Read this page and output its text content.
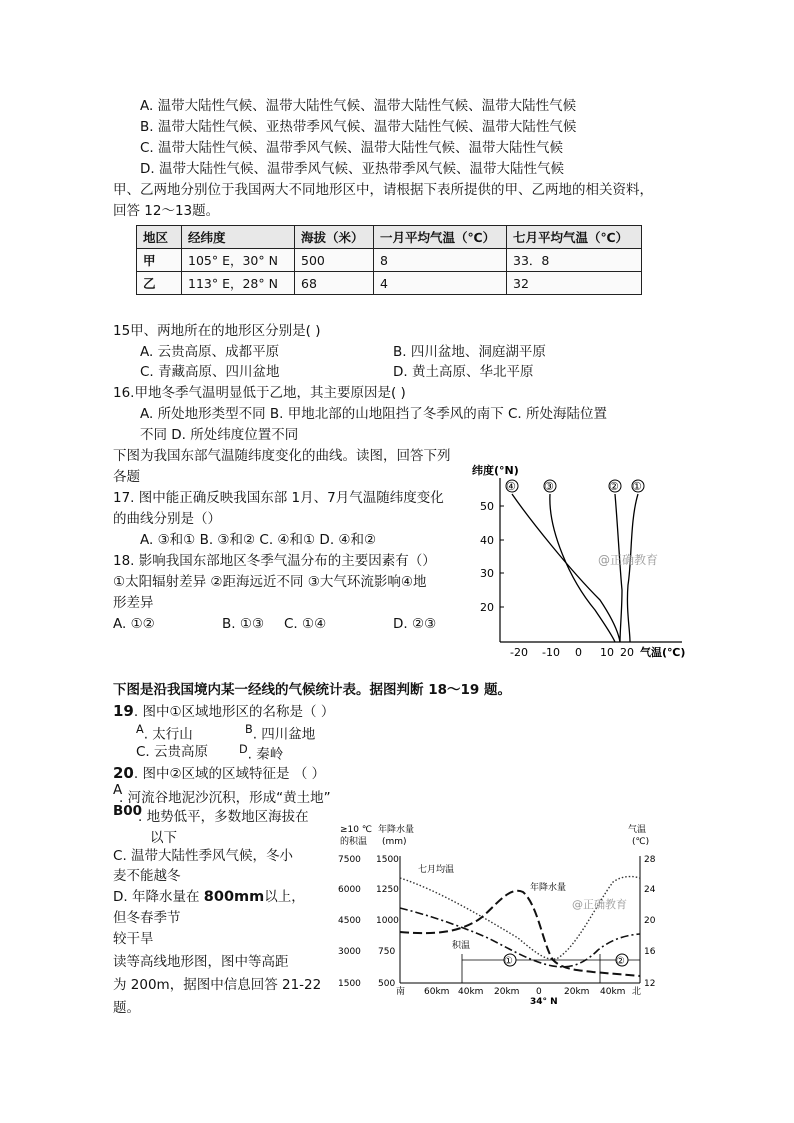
A. 温带大陆性气候、温带大陆性气候、温带大陆性气候、温带大陆性气候
B. 温带大陆性气候、亚热带季风气候、温带大陆性气候、温带大陆性气候
C. 温带大陆性气候、温带季风气候、温带大陆性气候、温带大陆性气候
D. 温带大陆性气候、温带季风气候、亚热带季风气候、温带大陆性气候
甲、乙两地分别位于我国两大不同地形区中，请根据下表所提供的甲、乙两地的相关资料，
回答 12～13题。
地区	经纬度	海拔（米）	一月平均气温（℃）	七月平均气温（℃）
甲	105° E，30° N	500	8	33．8
乙	113° E，28° N	68	4	32
15甲、两地所在的地形区分别是( )
A. 云贵高原、成都平原	B. 四川盆地、洞庭湖平原
C. 青藏高原、四川盆地	D. 黄土高原、华北平原
16.甲地冬季气温明显低于乙地，其主要原因是( )
A. 所处地形类型不同 B. 甲地北部的山地阻挡了冬季风的南下 C. 所处海陆位置
不同 D. 所处纬度位置不同
下图为我国东部气温随纬度变化的曲线。读图，回答下列
各题
17. 图中能正确反映我国东部 1月、7月气温随纬度变化
的曲线分别是（）
A. ③和① B. ③和② C. ④和① D. ④和②
18. 影响我国东部地区冬季气温分布的主要因素有（）
①太阳辐射差异 ②距海远近不同 ③大气环流影响④地
形差异
A. ①②	B. ①③ C. ①④	D. ②③
纬度(°N)
50
40
30
20
-20 -10 0 10 20 气温(℃)
④	③	② ①
@正确教育
下图是沿我国境内某一经线的气候统计表。据图判断 18～19 题。
19. 图中①区域地形区的名称是（ ）
$^A$. 太行山	$^B$. 四川盆地
C. 云贵高原	$^D$. 秦岭
20. 图中②区域的区域特征是 （ ）
A
. 河流谷地泥沙沉积，形成“黄土地”
B00
. 地势低平，多数地区海拔在
以下
C. 温带大陆性季风气候，冬小
麦不能越冬
D. 年降水量在 800mm以上，
但冬春季节
较干旱
读等高线地形图，图中等高距
为 200m，据图中信息回答 21-22
题。
≥10 ℃
的积温
年降水量
(mm)
气温
(℃)
7500
6000
4500
3000
1500
1500
1250
1000
750
500
28
24
20
16
12
南 60km 40km 20km 0 20km 40km 北
34° N
七月均温
年降水量
积温
①	②
@正确教育
